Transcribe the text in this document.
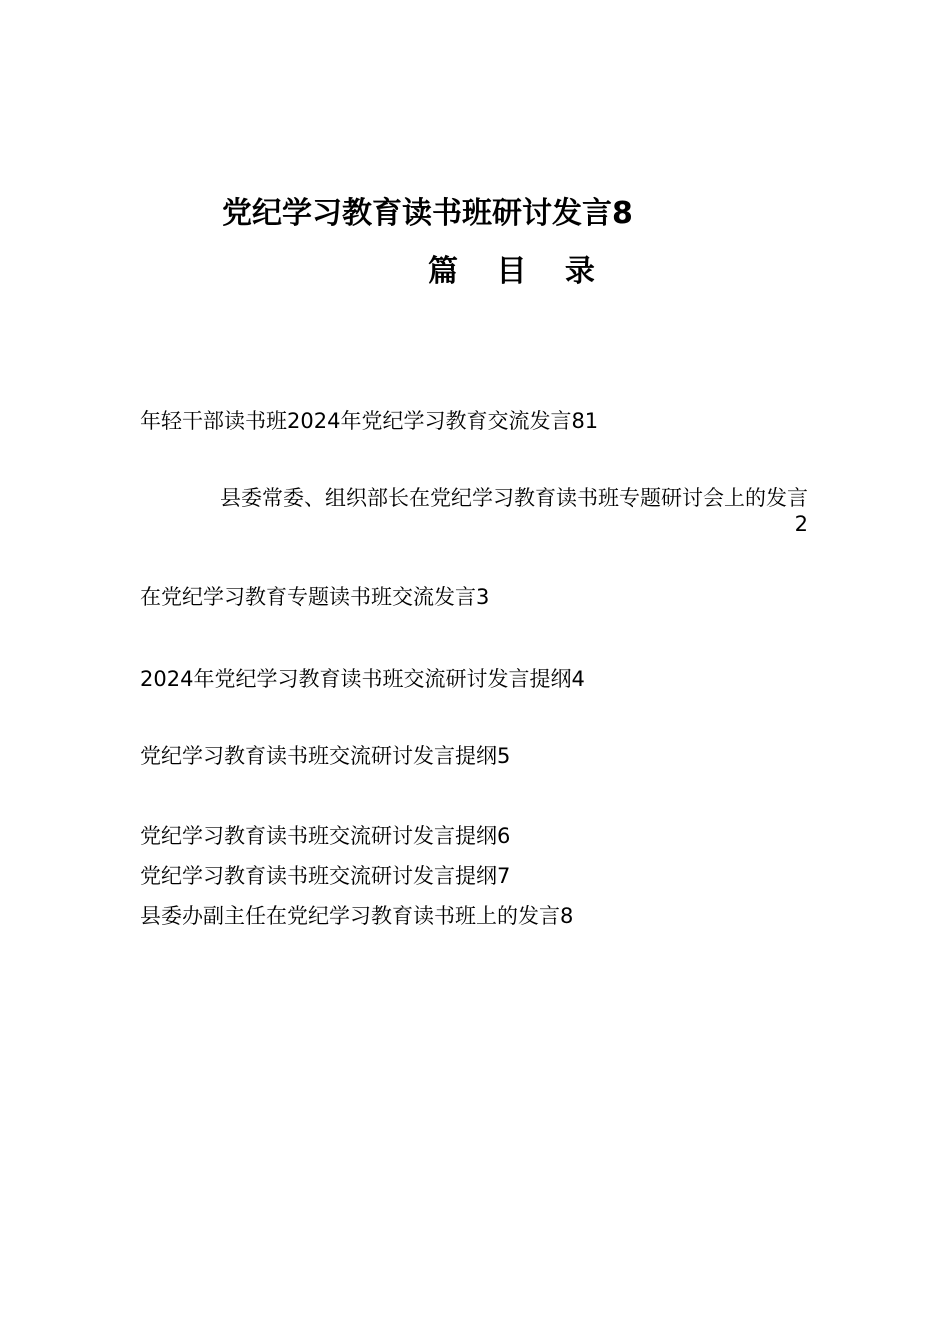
党纪学习教育读书班研讨发言8
篇 目 录
年轻干部读书班2024年党纪学习教育交流发言81
县委常委、组织部长在党纪学习教育读书班专题研讨会上的发言
2
在党纪学习教育专题读书班交流发言3
2024年党纪学习教育读书班交流研讨发言提纲4
党纪学习教育读书班交流研讨发言提纲5
党纪学习教育读书班交流研讨发言提纲6
党纪学习教育读书班交流研讨发言提纲7
县委办副主任在党纪学习教育读书班上的发言8
